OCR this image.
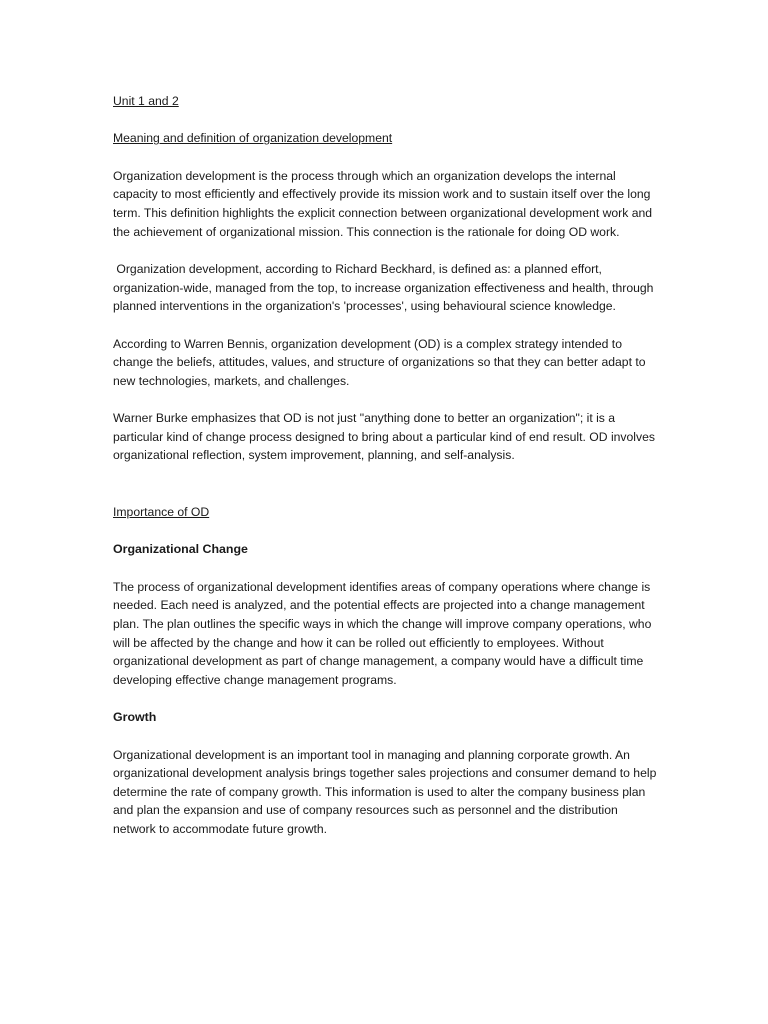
Unit 1 and 2

Meaning and definition of organization development

Organization development is the process through which an organization develops the internal capacity to most efficiently and effectively provide its mission work and to sustain itself over the long term. This definition highlights the explicit connection between organizational development work and the achievement of organizational mission. This connection is the rationale for doing OD work.

Organization development, according to Richard Beckhard, is defined as: a planned effort, organization-wide, managed from the top, to increase organization effectiveness and health, through planned interventions in the organization's 'processes', using behavioural science knowledge.

According to Warren Bennis, organization development (OD) is a complex strategy intended to change the beliefs, attitudes, values, and structure of organizations so that they can better adapt to new technologies, markets, and challenges.

Warner Burke emphasizes that OD is not just "anything done to better an organization"; it is a particular kind of change process designed to bring about a particular kind of end result. OD involves organizational reflection, system improvement, planning, and self-analysis.

Importance of OD

Organizational Change

The process of organizational development identifies areas of company operations where change is needed. Each need is analyzed, and the potential effects are projected into a change management plan. The plan outlines the specific ways in which the change will improve company operations, who will be affected by the change and how it can be rolled out efficiently to employees. Without organizational development as part of change management, a company would have a difficult time developing effective change management programs.

Growth

Organizational development is an important tool in managing and planning corporate growth. An organizational development analysis brings together sales projections and consumer demand to help determine the rate of company growth. This information is used to alter the company business plan and plan the expansion and use of company resources such as personnel and the distribution network to accommodate future growth.
